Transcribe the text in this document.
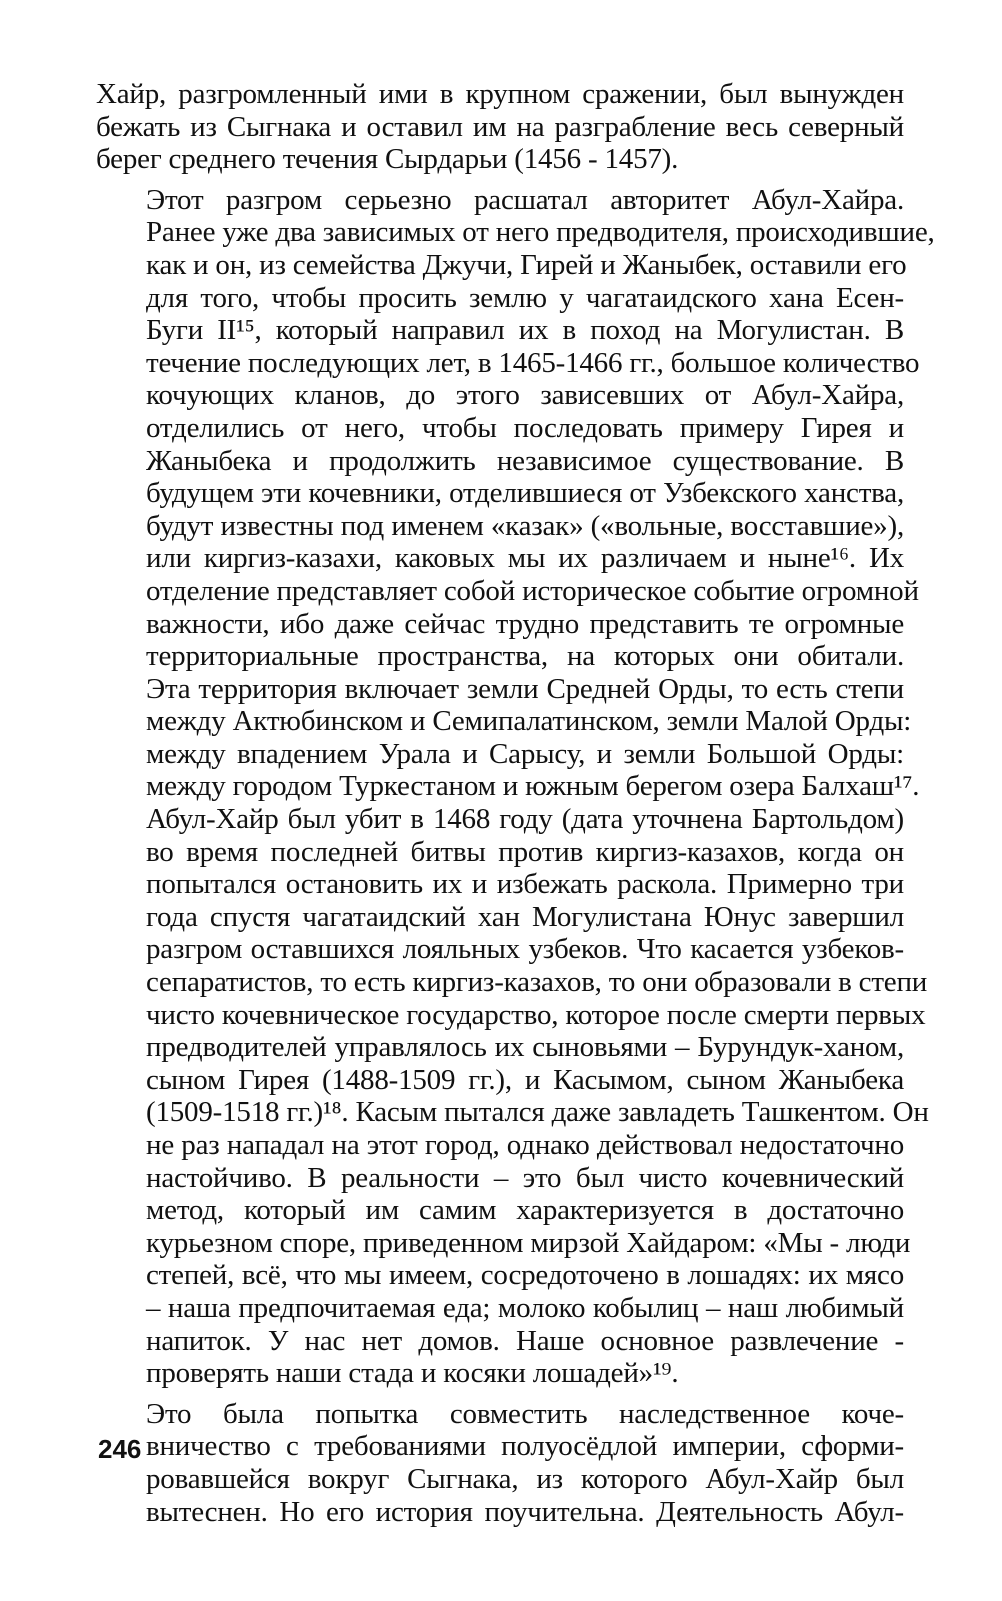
Хайр, разгромленный ими в крупном сражении, был вынужден
бежать из Сыгнака и оставил им на разграбление весь северный
берег среднего течения Сырдарьи (1456 - 1457).

Этот разгром серьезно расшатал авторитет Абул-Хайра.
Ранее уже два зависимых от него предводителя, происходившие,
как и он, из семейства Джучи, Гирей и Жаныбек, оставили его
для того, чтобы просить землю у чагатаидского хана Есен-
Буги II¹⁵, который направил их в поход на Могулистан. В
течение последующих лет, в 1465-1466 гг., большое количество
кочующих кланов, до этого зависевших от Абул-Хайра,
отделились от него, чтобы последовать примеру Гирея и
Жаныбека и продолжить независимое существование. В
будущем эти кочевники, отделившиеся от Узбекского ханства,
будут известны под именем «казак» («вольные, восставшие»),
или киргиз-казахи, каковых мы их различаем и ныне¹⁶. Их
отделение представляет собой историческое событие огромной
важности, ибо даже сейчас трудно представить те огромные
территориальные пространства, на которых они обитали.
Эта территория включает земли Средней Орды, то есть степи
между Актюбинском и Семипалатинском, земли Малой Орды:
между впадением Урала и Сарысу, и земли Большой Орды:
между городом Туркестаном и южным берегом озера Балхаш¹⁷.
Абул-Хайр был убит в 1468 году (дата уточнена Бартольдом)
во время последней битвы против киргиз-казахов, когда он
попытался остановить их и избежать раскола. Примерно три
года спустя чагатаидский хан Могулистана Юнус завершил
разгром оставшихся лояльных узбеков. Что касается узбеков-
сепаратистов, то есть киргиз-казахов, то они образовали в степи
чисто кочевническое государство, которое после смерти первых
предводителей управлялось их сыновьями – Бурундук-ханом,
сыном Гирея (1488-1509 гг.), и Касымом, сыном Жаныбека
(1509-1518 гг.)¹⁸. Касым пытался даже завладеть Ташкентом. Он
не раз нападал на этот город, однако действовал недостаточно
настойчиво. В реальности – это был чисто кочевнический
метод, который им самим характеризуется в достаточно
курьезном споре, приведенном мирзой Хайдаром: «Мы - люди
степей, всё, что мы имеем, сосредоточено в лошадях: их мясо
– наша предпочитаемая еда; молоко кобылиц – наш любимый
напиток. У нас нет домов. Наше основное развлечение -
проверять наши стада и косяки лошадей»¹⁹.

Это была попытка совместить наследственное коче-
вничество с требованиями полуосёдлой империи, сформи-
ровавшейся вокруг Сыгнака, из которого Абул-Хайр был
вытеснен. Но его история поучительна. Деятельность Абул-

246
